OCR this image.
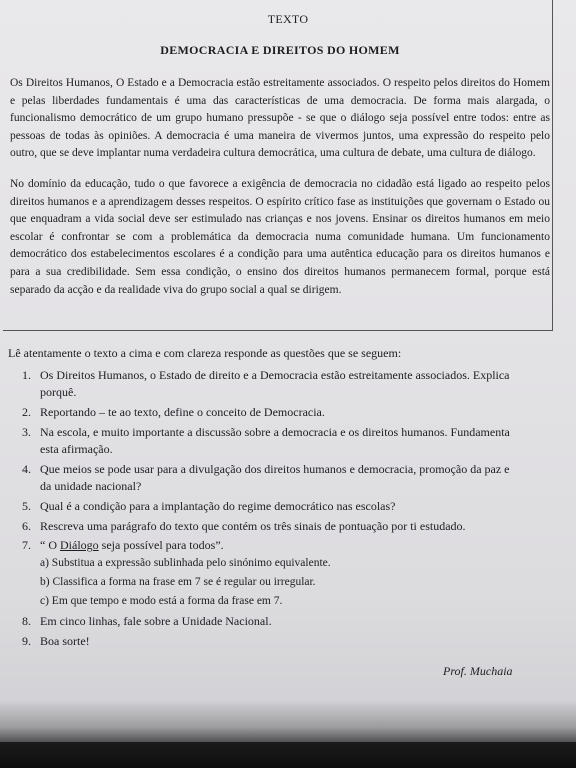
TEXTO
DEMOCRACIA E DIREITOS DO HOMEM
Os Direitos Humanos, O Estado e a Democracia estão estreitamente associados. O respeito pelos direitos do Homem e pelas liberdades fundamentais é uma das características de uma democracia. De forma mais alargada, o funcionalismo democrático de um grupo humano pressupõe - se que o diálogo seja possível entre todos: entre as pessoas de todas às opiniões. A democracia é uma maneira de vivermos juntos, uma expressão do respeito pelo outro, que se deve implantar numa verdadeira cultura democrática, uma cultura de debate, uma cultura de diálogo.
No domínio da educação, tudo o que favorece a exigência de democracia no cidadão está ligado ao respeito pelos direitos humanos e a aprendizagem desses respeitos. O espírito crítico fase as instituições que governam o Estado ou que enquadram a vida social deve ser estimulado nas crianças e nos jovens. Ensinar os direitos humanos em meio escolar é confrontar se com a problemática da democracia numa comunidade humana. Um funcionamento democrático dos estabelecimentos escolares é a condição para uma autêntica educação para os direitos humanos e para a sua credibilidade. Sem essa condição, o ensino dos direitos humanos permanecem formal, porque está separado da acção e da realidade viva do grupo social a qual se dirigem.
Lê atentamente o texto a cima e com clareza responde as questões que se seguem:
1. Os Direitos Humanos, o Estado de direito e a Democracia estão estreitamente associados. Explica porquê.
2. Reportando – te ao texto, define o conceito de Democracia.
3. Na escola, e muito importante a discussão sobre a democracia e os direitos humanos. Fundamenta esta afirmação.
4. Que meios se pode usar para a divulgação dos direitos humanos e democracia, promoção da paz e da unidade nacional?
5. Qual é a condição para a implantação do regime democrático nas escolas?
6. Rescreva uma parágrafo do texto que contém os três sinais de pontuação por ti estudado.
7. “ O Diálogo seja possível para todos”.
a) Substitua a expressão sublinhada pelo sinónimo equivalente.
b) Classifica a forma na frase em 7 se é regular ou irregular.
c) Em que tempo e modo está a forma da frase em 7.
8. Em cinco linhas, fale sobre a Unidade Nacional.
9. Boa sorte!
Prof. Muchaia
